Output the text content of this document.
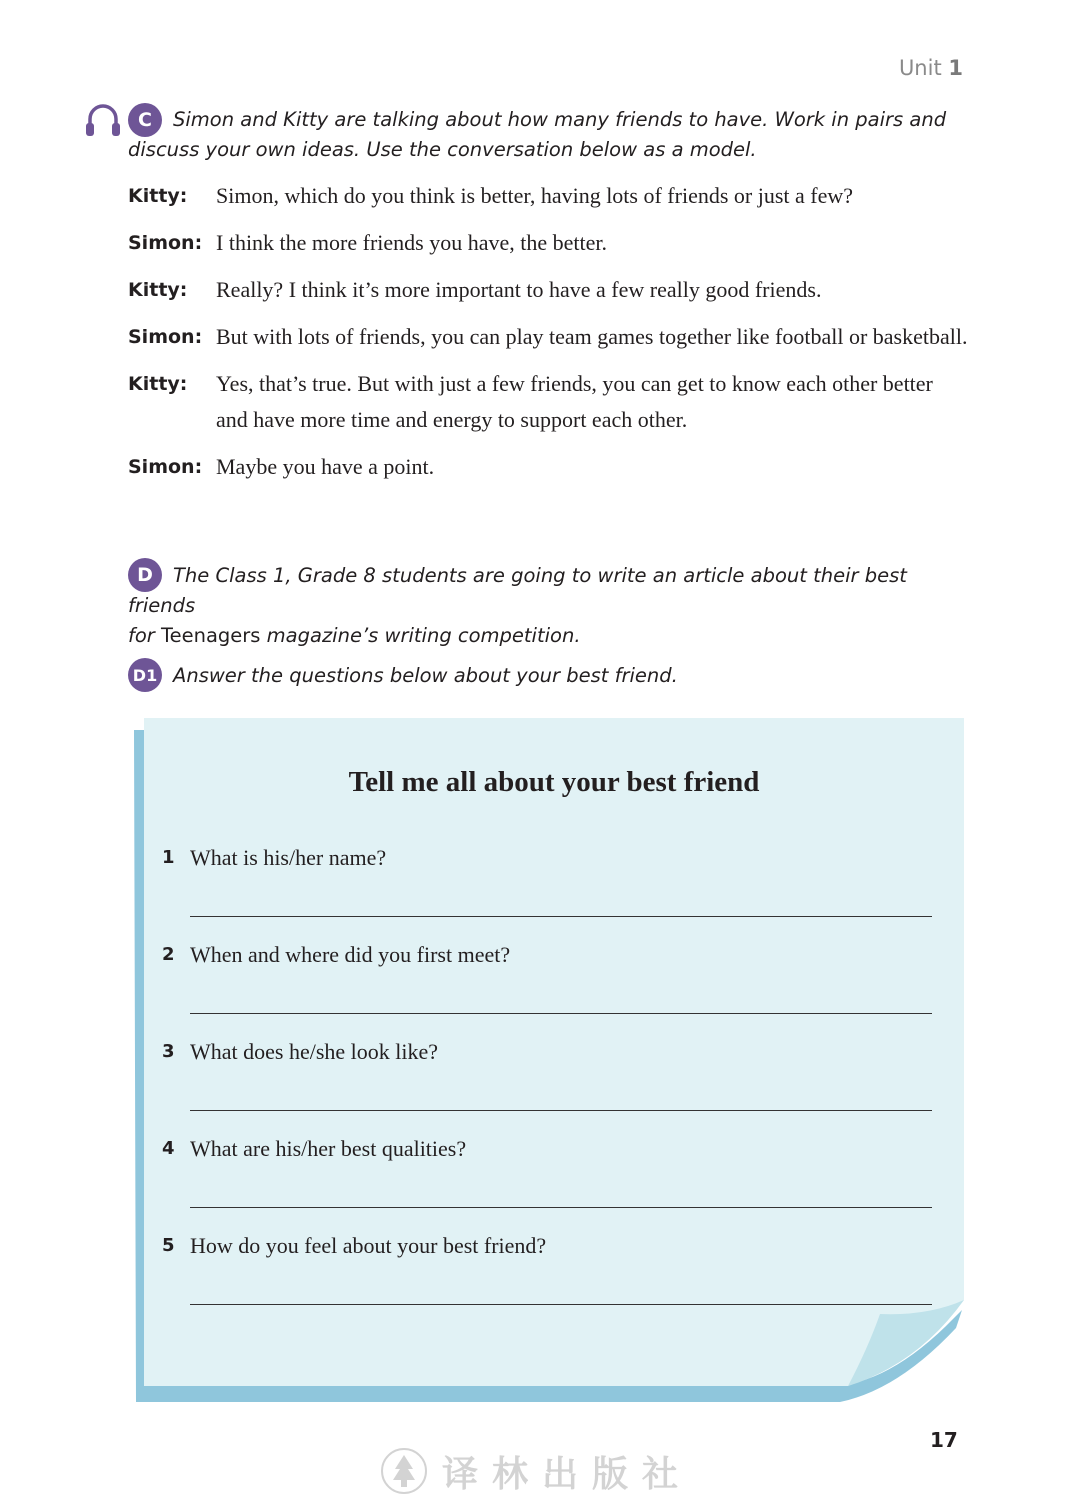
Unit 1
C	Simon and Kitty are talking about how many friends to have. Work in pairs and
discuss your own ideas. Use the conversation below as a model.
Kitty:	Simon, which do you think is better, having lots of friends or just a few?
Simon: I think the more friends you have, the better.
Kitty:	Really? I think it’s more important to have a few really good friends.
Simon: But with lots of friends, you can play team games together like football or basketball.
Kitty:	Yes, that’s true. But with just a few friends, you can get to know each other better and have more time and energy to support each other.
Simon: Maybe you have a point.
D	The Class 1, Grade 8 students are going to write an article about their best friends
for Teenagers magazine’s writing competition.
D1 Answer the questions below about your best friend.
Tell me all about your best friend
1 What is his/her name?
2 When and where did you first meet?
3 What does he/she look like?
4 What are his/her best qualities?
5 How do you feel about your best friend?
17
译林出版社
